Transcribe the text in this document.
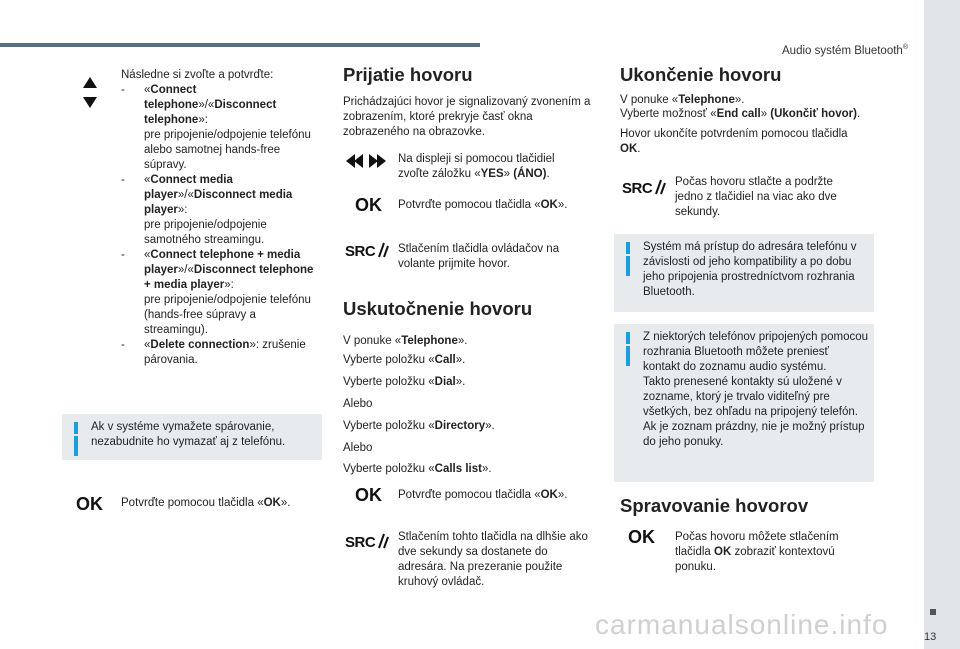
Audio systém Bluetooth®
13
carmanualsonline.info
Následne si zvoľte a potvrďte:
-	«Connect telephone»/«Disconnect telephone»:
pre pripojenie/odpojenie telefónu alebo samotnej hands-free súpravy.
-	«Connect media player»/«Disconnect media player»:
pre pripojenie/odpojenie samotného streamingu.
-	«Connect telephone + media player»/«Disconnect telephone + media player»:
pre pripojenie/odpojenie telefónu (hands-free súpravy a streamingu).
-	«Delete connection»: zrušenie párovania.
Ak v systéme vymažete spárovanie, nezabudnite ho vymazať aj z telefónu.
OK Potvrďte pomocou tlačidla «OK».
Prijatie hovoru
Prichádzajúci hovor je signalizovaný zvonením a zobrazením, ktoré prekryje časť okna zobrazeného na obrazovke.
Na displeji si pomocou tlačidiel zvoľte záložku «YES» (ÁNO).
OK Potvrďte pomocou tlačidla «OK».
SRC	Stlačením tlačidla ovládačov na volante prijmite hovor.
Uskutočnenie hovoru
V ponuke «Telephone».
Vyberte položku «Call».
Vyberte položku «Dial».
Alebo
Vyberte položku «Directory».
Alebo
Vyberte položku «Calls list».
OK Potvrďte pomocou tlačidla «OK».
SRC	Stlačením tohto tlačidla na dlhšie ako dve sekundy sa dostanete do adresára. Na prezeranie použite kruhový ovládač.
Ukončenie hovoru
V ponuke «Telephone».
Vyberte možnosť «End call» (Ukončiť hovor).
Hovor ukončíte potvrdením pomocou tlačidla OK.
SRC	Počas hovoru stlačte a podržte jedno z tlačidiel na viac ako dve sekundy.
Systém má prístup do adresára telefónu v závislosti od jeho kompatibility a po dobu jeho pripojenia prostredníctvom rozhrania Bluetooth.
Z niektorých telefónov pripojených pomocou rozhrania Bluetooth môžete preniesť kontakt do zoznamu audio systému.
Takto prenesené kontakty sú uložené v zozname, ktorý je trvalo viditeľný pre všetkých, bez ohľadu na pripojený telefón.
Ak je zoznam prázdny, nie je možný prístup do jeho ponuky.
Spravovanie hovorov
OK Počas hovoru môžete stlačením tlačidla OK zobraziť kontextovú ponuku.
